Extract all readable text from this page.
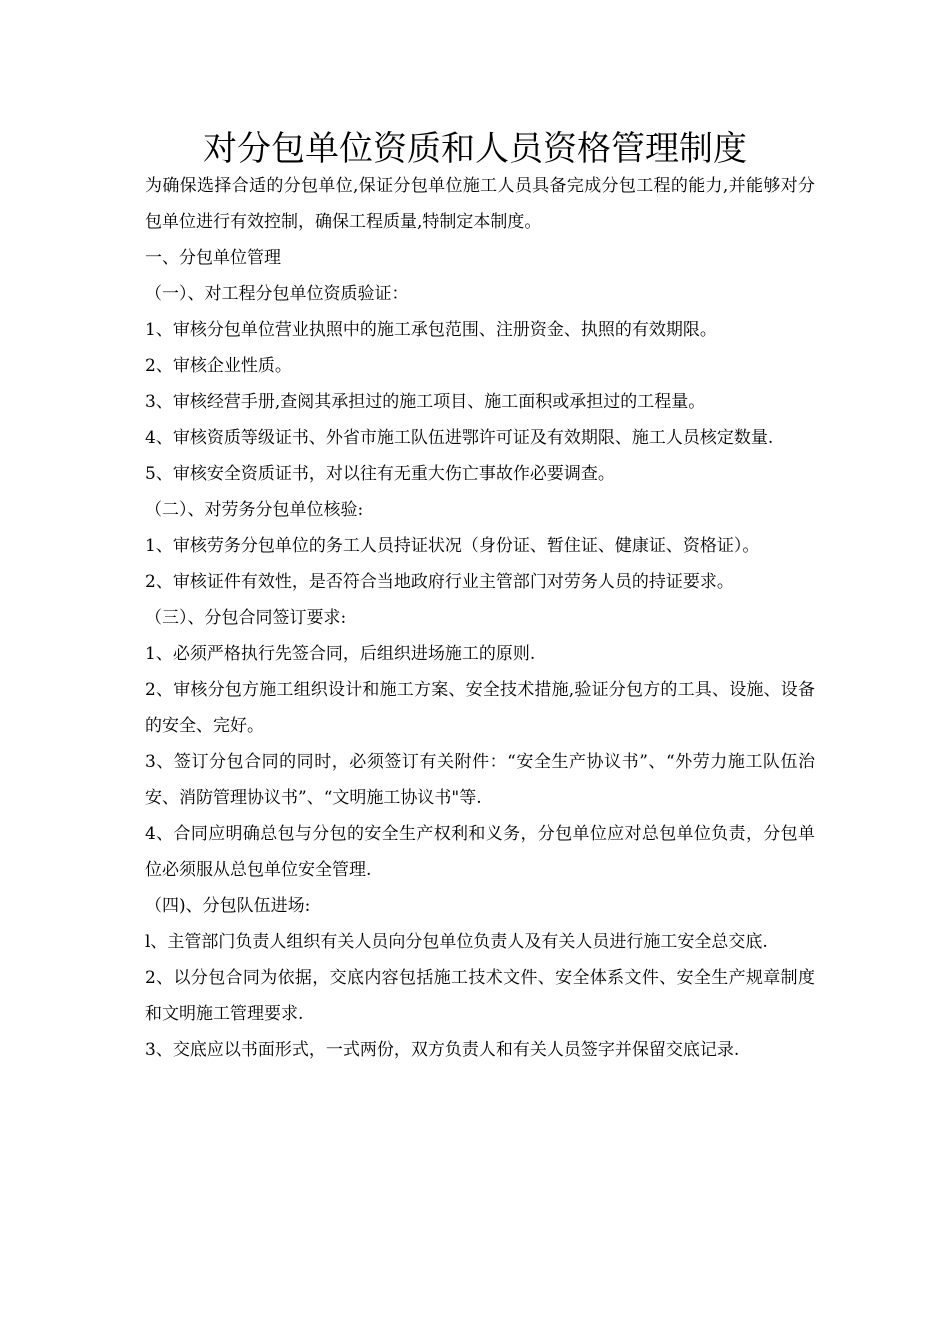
对分包单位资质和人员资格管理制度

为确保选择合适的分包单位,保证分包单位施工人员具备完成分包工程的能力,并能够对分包单位进行有效控制，确保工程质量,特制定本制度。

一、分包单位管理

（一）、对工程分包单位资质验证：

1、审核分包单位营业执照中的施工承包范围、注册资金、执照的有效期限。

2、审核企业性质。

3、审核经营手册,查阅其承担过的施工项目、施工面积或承担过的工程量。

4、审核资质等级证书、外省市施工队伍进鄂许可证及有效期限、施工人员核定数量.

5、审核安全资质证书，对以往有无重大伤亡事故作必要调查。

（二）、对劳务分包单位核验:

1、审核劳务分包单位的务工人员持证状况（身份证、暂住证、健康证、资格证）。

2、审核证件有效性，是否符合当地政府行业主管部门对劳务人员的持证要求。

（三）、分包合同签订要求:

1、必须严格执行先签合同，后组织进场施工的原则.

2、审核分包方施工组织设计和施工方案、安全技术措施,验证分包方的工具、设施、设备的安全、完好。

3、签订分包合同的同时，必须签订有关附件：“安全生产协议书”、“外劳力施工队伍治安、消防管理协议书”、“文明施工协议书"等.

4、合同应明确总包与分包的安全生产权利和义务，分包单位应对总包单位负责，分包单位必须服从总包单位安全管理.

（四)、分包队伍进场:

l、主管部门负责人组织有关人员向分包单位负责人及有关人员进行施工安全总交底.

2、以分包合同为依据，交底内容包括施工技术文件、安全体系文件、安全生产规章制度和文明施工管理要求.

3、交底应以书面形式，一式两份，双方负责人和有关人员签字并保留交底记录.
